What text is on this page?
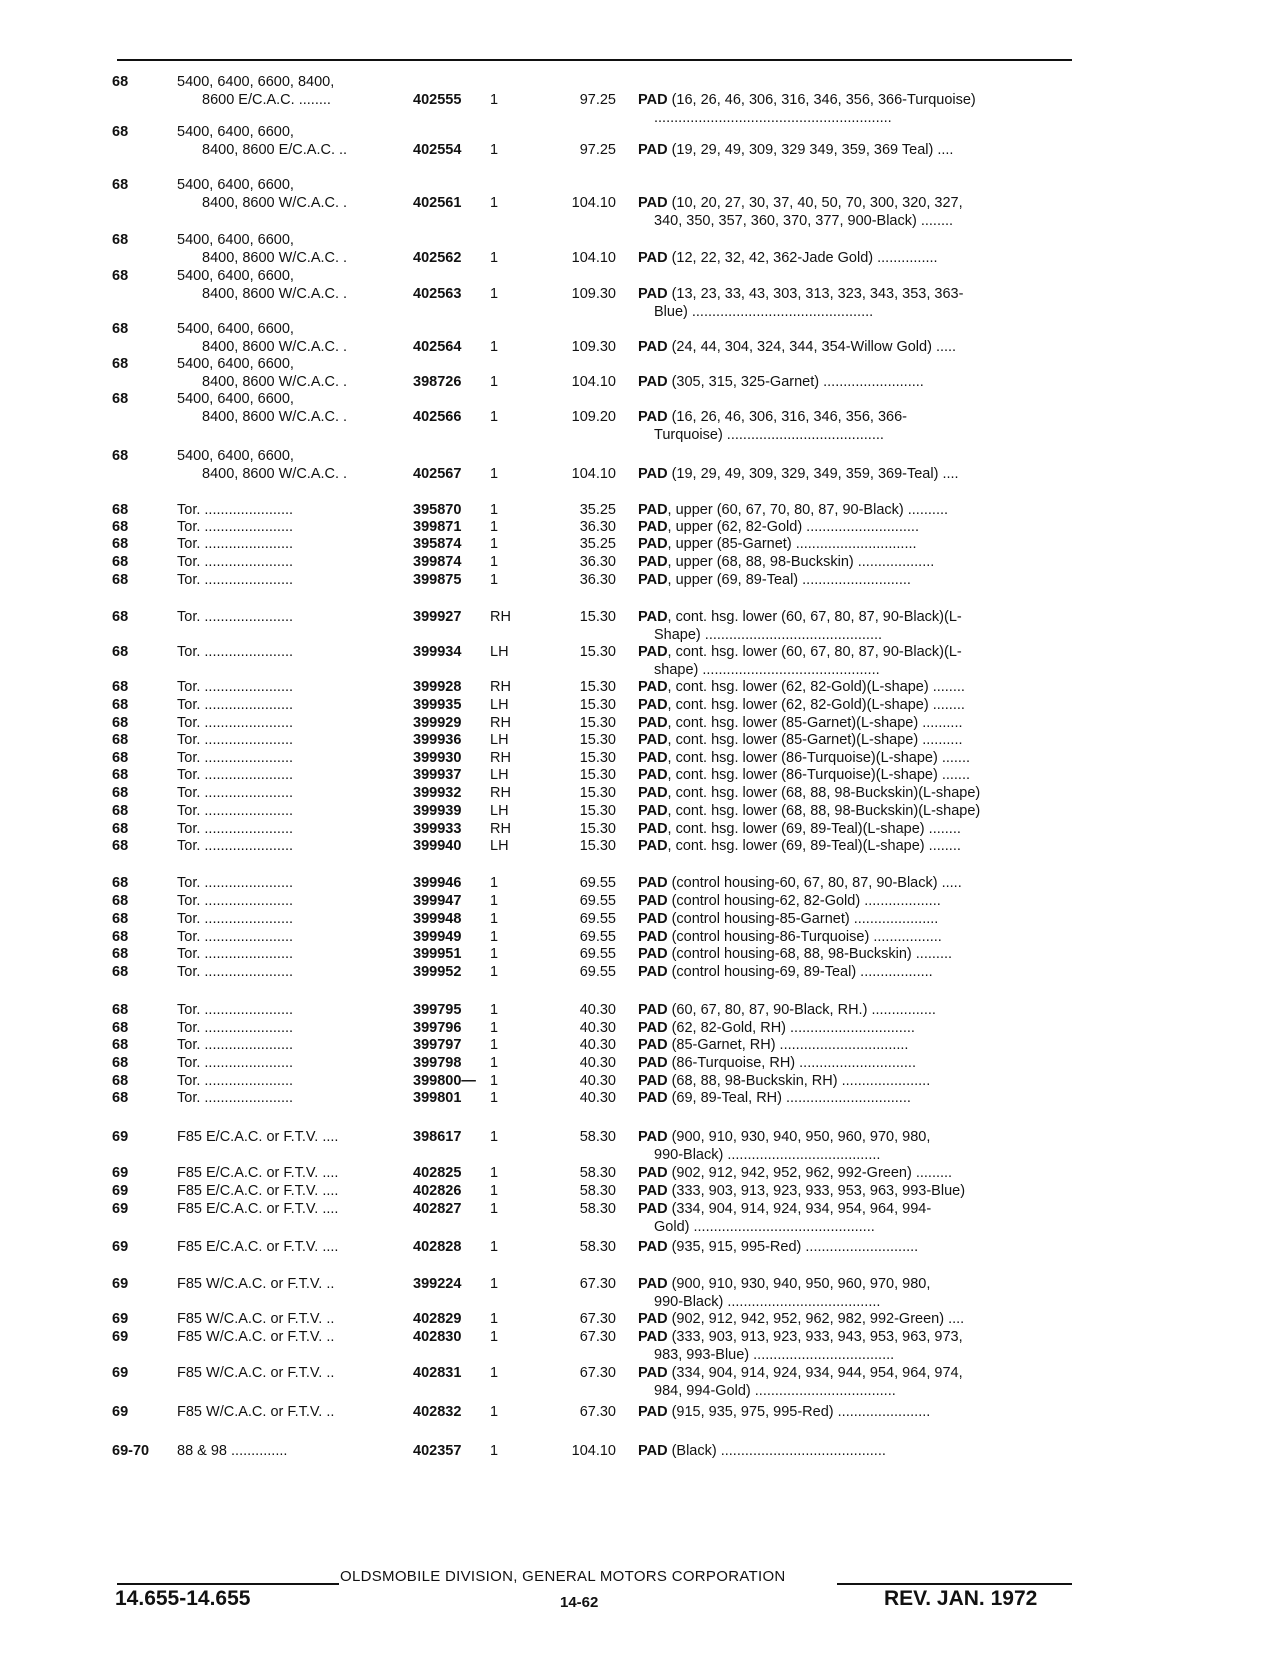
68	5400, 6400, 6600, 8400,
8600 E/C.A.C. ........	402555	1	97.25 PAD (16, 26, 46, 306, 316, 346, 356, 366-Turquoise)
...........................................................
68	5400, 6400, 6600,
8400, 8600 E/C.A.C. ..	402554	1	97.25 PAD (19, 29, 49, 309, 329 349, 359, 369 Teal) ....
68	5400, 6400, 6600,
8400, 8600 W/C.A.C. .	402561	1	104.10 PAD (10, 20, 27, 30, 37, 40, 50, 70, 300, 320, 327,
340, 350, 357, 360, 370, 377, 900-Black) ........
68	5400, 6400, 6600,
8400, 8600 W/C.A.C. .	402562	1	104.10 PAD (12, 22, 32, 42, 362-Jade Gold) ...............
68	5400, 6400, 6600,
8400, 8600 W/C.A.C. .	402563	1	109.30 PAD (13, 23, 33, 43, 303, 313, 323, 343, 353, 363-
Blue) .............................................
68	5400, 6400, 6600,
8400, 8600 W/C.A.C. .	402564	1	109.30 PAD (24, 44, 304, 324, 344, 354-Willow Gold) .....
68	5400, 6400, 6600,
8400, 8600 W/C.A.C. .	398726	1	104.10 PAD (305, 315, 325-Garnet) .........................
68	5400, 6400, 6600,
8400, 8600 W/C.A.C. .	402566	1	109.20 PAD (16, 26, 46, 306, 316, 346, 356, 366-
Turquoise) .......................................
68	5400, 6400, 6600,
8400, 8600 W/C.A.C. .	402567	1	104.10 PAD (19, 29, 49, 309, 329, 349, 359, 369-Teal) ....
68	Tor. ......................	395870	1	35.25 PAD, upper (60, 67, 70, 80, 87, 90-Black) ..........
68	Tor. ......................	399871	1	36.30 PAD, upper (62, 82-Gold) ............................
68	Tor. ......................	395874	1	35.25 PAD, upper (85-Garnet) ..............................
68	Tor. ......................	399874	1	36.30 PAD, upper (68, 88, 98-Buckskin) ...................
68	Tor. ......................	399875	1	36.30 PAD, upper (69, 89-Teal) ...........................
68	Tor. ......................	399927	RH	15.30 PAD, cont. hsg. lower (60, 67, 80, 87, 90-Black)(L-
Shape) ............................................
68	Tor. ......................	399934	LH	15.30 PAD, cont. hsg. lower (60, 67, 80, 87, 90-Black)(L-
shape) ............................................
68	Tor. ......................	399928	RH	15.30 PAD, cont. hsg. lower (62, 82-Gold)(L-shape) ........
68	Tor. ......................	399935	LH	15.30 PAD, cont. hsg. lower (62, 82-Gold)(L-shape) ........
68	Tor. ......................	399929	RH	15.30 PAD, cont. hsg. lower (85-Garnet)(L-shape) ..........
68	Tor. ......................	399936	LH	15.30 PAD, cont. hsg. lower (85-Garnet)(L-shape) ..........
68	Tor. ......................	399930	RH	15.30 PAD, cont. hsg. lower (86-Turquoise)(L-shape) .......
68	Tor. ......................	399937	LH	15.30 PAD, cont. hsg. lower (86-Turquoise)(L-shape) .......
68	Tor. ......................	399932	RH	15.30 PAD, cont. hsg. lower (68, 88, 98-Buckskin)(L-shape)
68	Tor. ......................	399939	LH	15.30 PAD, cont. hsg. lower (68, 88, 98-Buckskin)(L-shape)
68	Tor. ......................	399933	RH	15.30 PAD, cont. hsg. lower (69, 89-Teal)(L-shape) ........
68	Tor. ......................	399940	LH	15.30 PAD, cont. hsg. lower (69, 89-Teal)(L-shape) ........
68	Tor. ......................	399946	1	69.55 PAD (control housing-60, 67, 80, 87, 90-Black) .....
68	Tor. ......................	399947	1	69.55 PAD (control housing-62, 82-Gold) ...................
68	Tor. ......................	399948	1	69.55 PAD (control housing-85-Garnet) .....................
68	Tor. ......................	399949	1	69.55 PAD (control housing-86-Turquoise) .................
68	Tor. ......................	399951	1	69.55 PAD (control housing-68, 88, 98-Buckskin) .........
68	Tor. ......................	399952	1	69.55 PAD (control housing-69, 89-Teal) ..................
68	Tor. ......................	399795	1	40.30 PAD (60, 67, 80, 87, 90-Black, RH.) ................
68	Tor. ......................	399796	1	40.30 PAD (62, 82-Gold, RH) ...............................
68	Tor. ......................	399797	1	40.30 PAD (85-Garnet, RH) ................................
68	Tor. ......................	399798	1	40.30 PAD (86-Turquoise, RH) .............................
68	Tor. ......................	399800— 1	40.30 PAD (68, 88, 98-Buckskin, RH) ......................
68	Tor. ......................	399801	1	40.30 PAD (69, 89-Teal, RH) ...............................
69	F85 E/C.A.C. or F.T.V. ....	398617	1	58.30 PAD (900, 910, 930, 940, 950, 960, 970, 980,
990-Black) ......................................
69	F85 E/C.A.C. or F.T.V. ....	402825	1	58.30 PAD (902, 912, 942, 952, 962, 992-Green) .........
69	F85 E/C.A.C. or F.T.V. ....	402826	1	58.30 PAD (333, 903, 913, 923, 933, 953, 963, 993-Blue)
69	F85 E/C.A.C. or F.T.V. ....	402827	1	58.30 PAD (334, 904, 914, 924, 934, 954, 964, 994-
Gold) .............................................
69	F85 E/C.A.C. or F.T.V. ....	402828	1	58.30 PAD (935, 915, 995-Red) ............................
69	F85 W/C.A.C. or F.T.V. ..	399224	1	67.30 PAD (900, 910, 930, 940, 950, 960, 970, 980,
990-Black) ......................................
69	F85 W/C.A.C. or F.T.V. ..	402829	1	67.30 PAD (902, 912, 942, 952, 962, 982, 992-Green) ....
69	F85 W/C.A.C. or F.T.V. ..	402830	1	67.30 PAD (333, 903, 913, 923, 933, 943, 953, 963, 973,
983, 993-Blue) ...................................
69	F85 W/C.A.C. or F.T.V. ..	402831	1	67.30 PAD (334, 904, 914, 924, 934, 944, 954, 964, 974,
984, 994-Gold) ...................................
69	F85 W/C.A.C. or F.T.V. ..	402832	1	67.30 PAD (915, 935, 975, 995-Red) .......................
69-70	88 & 98 ..............	402357	1	104.10 PAD (Black) .........................................
OLDSMOBILE DIVISION, GENERAL MOTORS CORPORATION
14.655-14.655	14-62	REV. JAN. 1972
